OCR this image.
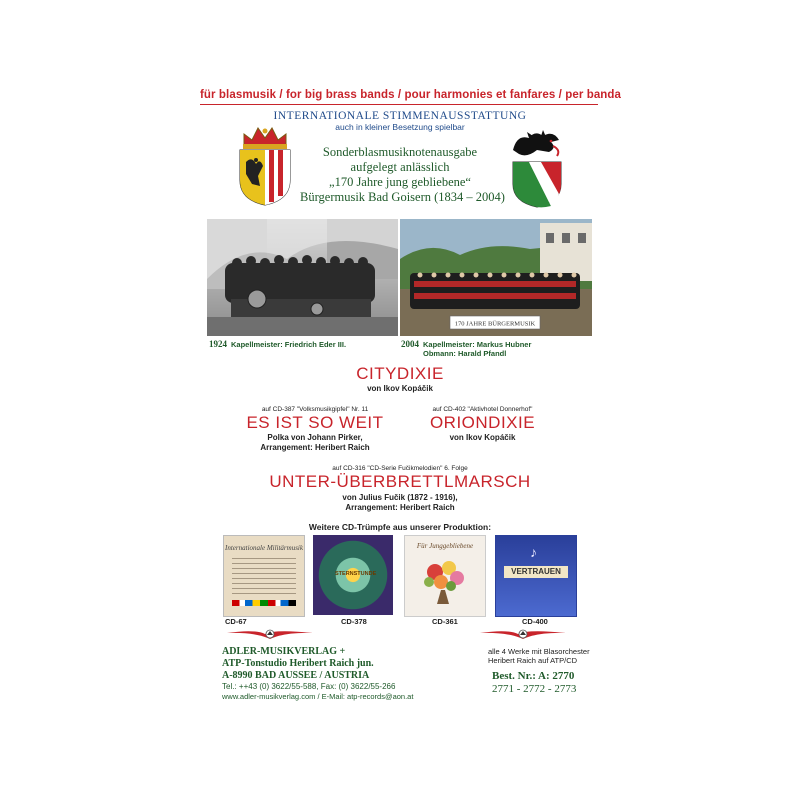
für blasmusik / for big brass bands / pour harmonies et fanfares / per banda
INTERNATIONALE STIMMENAUSSTATTUNG
auch in kleiner Besetzung spielbar
Sonderblasmusiknotenausgabe
aufgelegt anlässlich
„170 Jahre jung gebliebene“
Bürgermusik Bad Goisern (1834 – 2004)
170 JAHRE BÜRGERMUSIK
1924 Kapellmeister: Friedrich Eder III.	2004 Kapellmeister: Markus Hubner
Obmann: Harald Pfandl
CITYDIXIE
von Ikov Kopáčik
auf CD-387 "Volksmusikgipfel" Nr. 11
ES IST SO WEIT
Polka von Johann Pirker,
Arrangement: Heribert Raich
auf CD-402 "Aktivhotel Donnerhof"
ORIONDIXIE
von Ikov Kopáčik
auf CD-316 "CD-Serie Fučikmelodien" 6. Folge
UNTER-ÜBERBRETTLMARSCH
von Julius Fučik (1872 - 1916),
Arrangement: Heribert Raich
Weitere CD-Trümpfe aus unserer Produktion:
Internationale Militärmusik
STERNSTUNDE
Für Junggebliebene
VERTRAUEN
♪
CD-67	CD-378	CD-361	CD-400
ADLER-MUSIKVERLAG +
ATP-Tonstudio Heribert Raich jun.
A-8990 BAD AUSSEE / AUSTRIA
Tel.: ++43 (0) 3622/55-588, Fax: (0) 3622/55-266
www.adler-musikverlag.com / E-Mail: atp-records@aon.at
alle 4 Werke mit Blasorchester
Heribert Raich auf ATP/CD
Best. Nr.: A: 2770
2771 - 2772 - 2773
